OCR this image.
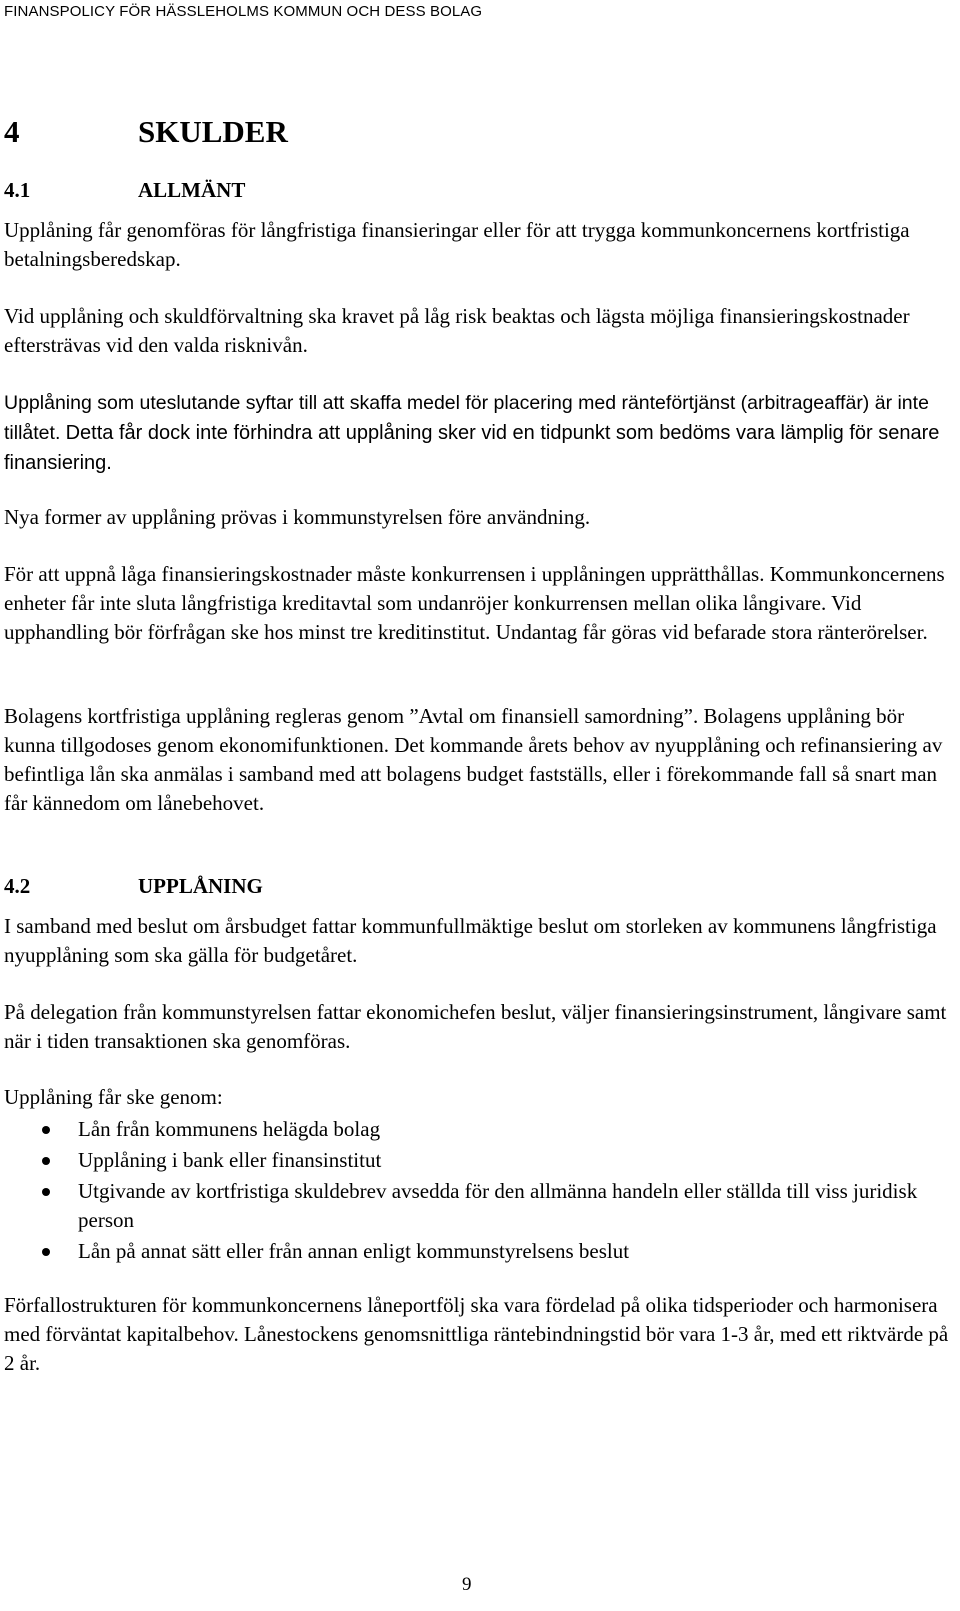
FINANSPOLICY FÖR HÄSSLEHOLMS KOMMUN OCH DESS BOLAG
4	SKULDER
4.1	ALLMÄNT

Upplåning får genomföras för långfristiga finansieringar eller för att trygga kommunkoncernens kortfristiga betalningsberedskap.

Vid upplåning och skuldförvaltning ska kravet på låg risk beaktas och lägsta möjliga finansieringskostnader eftersträvas vid den valda risknivån.

Upplåning som uteslutande syftar till att skaffa medel för placering med ränteförtjänst (arbitrageaffär) är inte tillåtet. Detta får dock inte förhindra att upplåning sker vid en tidpunkt som bedöms vara lämplig för senare finansiering.

Nya former av upplåning prövas i kommunstyrelsen före användning.

För att uppnå låga finansieringskostnader måste konkurrensen i upplåningen upprätthållas. Kommunkoncernens enheter får inte sluta långfristiga kreditavtal som undanröjer konkurrensen mellan olika långivare. Vid upphandling bör förfrågan ske hos minst tre kreditinstitut. Undantag får göras vid befarade stora ränterörelser.

Bolagens kortfristiga upplåning regleras genom ”Avtal om finansiell samordning”. Bolagens upplåning bör kunna tillgodoses genom ekonomifunktionen. Det kommande årets behov av nyupplåning och refinansiering av befintliga lån ska anmälas i samband med att bolagens budget fastställs, eller i förekommande fall så snart man får kännedom om lånebehovet.

4.2	UPPLÅNING

I samband med beslut om årsbudget fattar kommunfullmäktige beslut om storleken av kommunens långfristiga nyupplåning som ska gälla för budgetåret.

På delegation från kommunstyrelsen fattar ekonomichefen beslut, väljer finansieringsinstrument, långivare samt när i tiden transaktionen ska genomföras.

Upplåning får ske genom:

Lån från kommunens helägda bolag
Upplåning i bank eller finansinstitut
Utgivande av kortfristiga skuldebrev avsedda för den allmänna handeln eller ställda till viss juridisk person
Lån på annat sätt eller från annan enligt kommunstyrelsens beslut

Förfallostrukturen för kommunkoncernens låneportfölj ska vara fördelad på olika tidsperioder och harmonisera med förväntat kapitalbehov. Lånestockens genomsnittliga räntebindningstid bör vara 1-3 år, med ett riktvärde på 2 år.

9
